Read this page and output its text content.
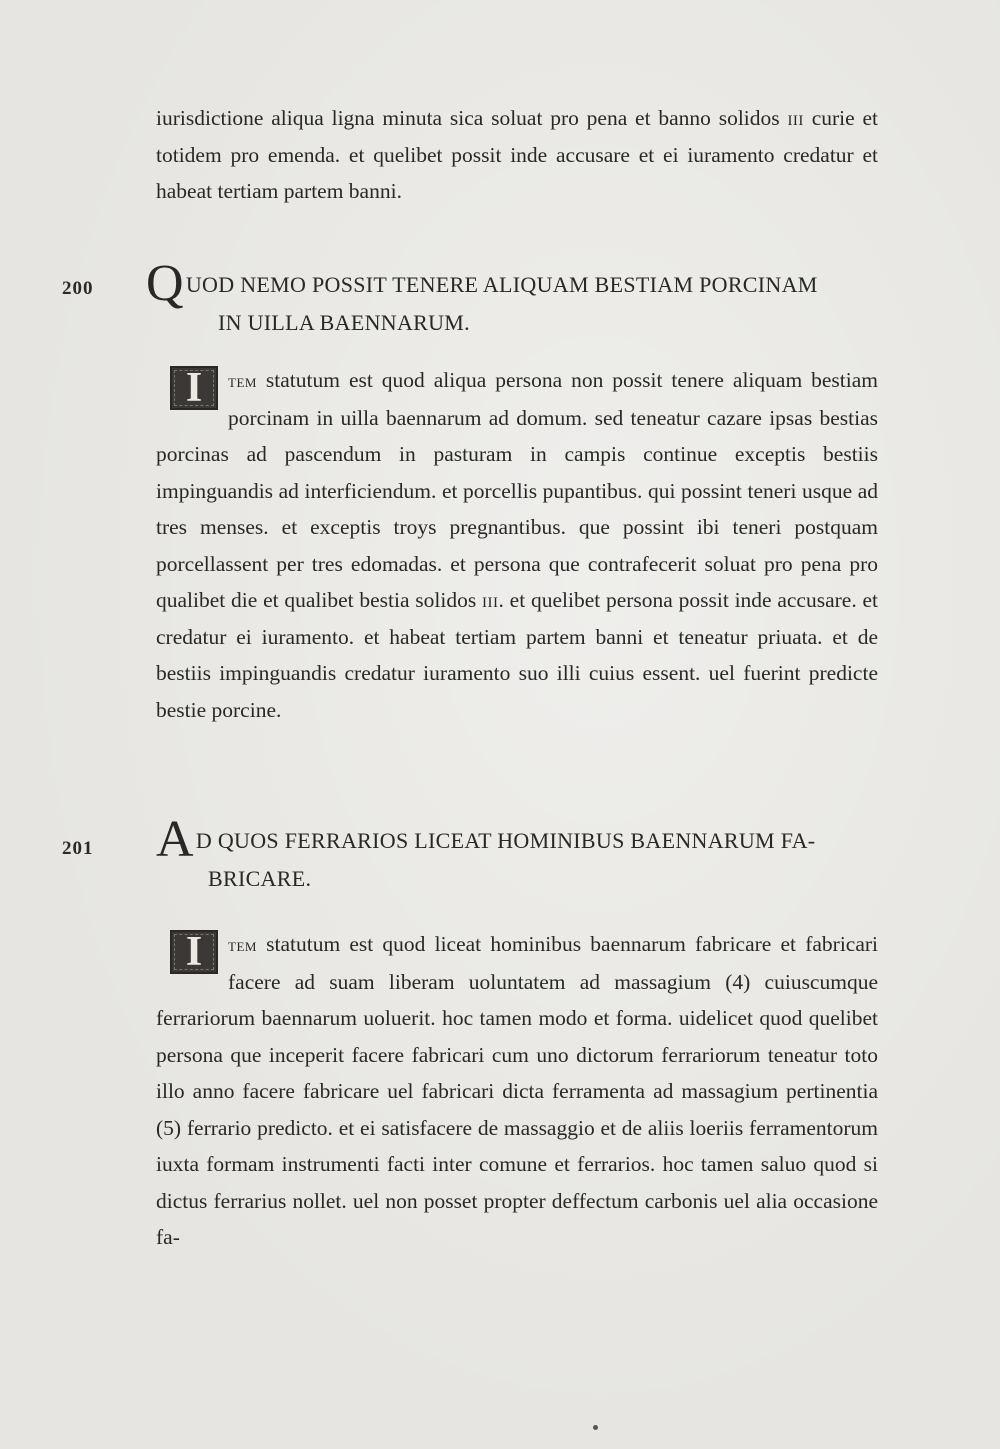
iurisdictione aliqua ligna minuta sica soluat pro pena et banno solidos iii curie et totidem pro emenda. et quelibet possit inde accusare et ei iuramento credatur et habeat tertiam partem banni.

200 Q UOD NEMO POSSIT TENERE ALIQUAM BESTIAM PORCINAM
IN UILLA BAENNARUM.

I	tem statutum est quod aliqua persona non possit tenere aliquam bestiam porcinam in uilla baennarum ad domum. sed teneatur cazare ipsas bestias porcinas ad pascendum in pasturam in campis continue exceptis bestiis impinguandis ad interficiendum. et porcellis pupantibus. qui possint teneri usque ad tres menses. et exceptis troys pregnantibus. que possint ibi teneri postquam porcellassent per tres edomadas. et persona que contrafecerit soluat pro pena pro qualibet die et qualibet bestia solidos iii. et quelibet persona possit inde accusare. et credatur ei iuramento. et habeat tertiam partem banni et teneatur priuata. et de bestiis impinguandis credatur iuramento suo illi cuius essent. uel fuerint predicte bestie porcine.

201 A D QUOS FERRARIOS LICEAT HOMINIBUS BAENNARUM FA-
BRICARE.

I	tem statutum est quod liceat hominibus baennarum fabricare et fabricari facere ad suam liberam uoluntatem ad massagium (4) cuiuscumque ferrariorum baennarum uoluerit. hoc tamen modo et forma. uidelicet quod quelibet persona que inceperit facere fabricari cum uno dictorum ferrariorum teneatur toto illo anno facere fabricare uel fabricari dicta ferramenta ad massagium pertinentia (5) ferrario predicto. et ei satisfacere de massaggio et de aliis loeriis ferramentorum iuxta formam instrumenti facti inter comune et ferrarios. hoc tamen saluo quod si dictus ferrarius nollet. uel non posset propter deffectum carbonis uel alia occasione fa-
